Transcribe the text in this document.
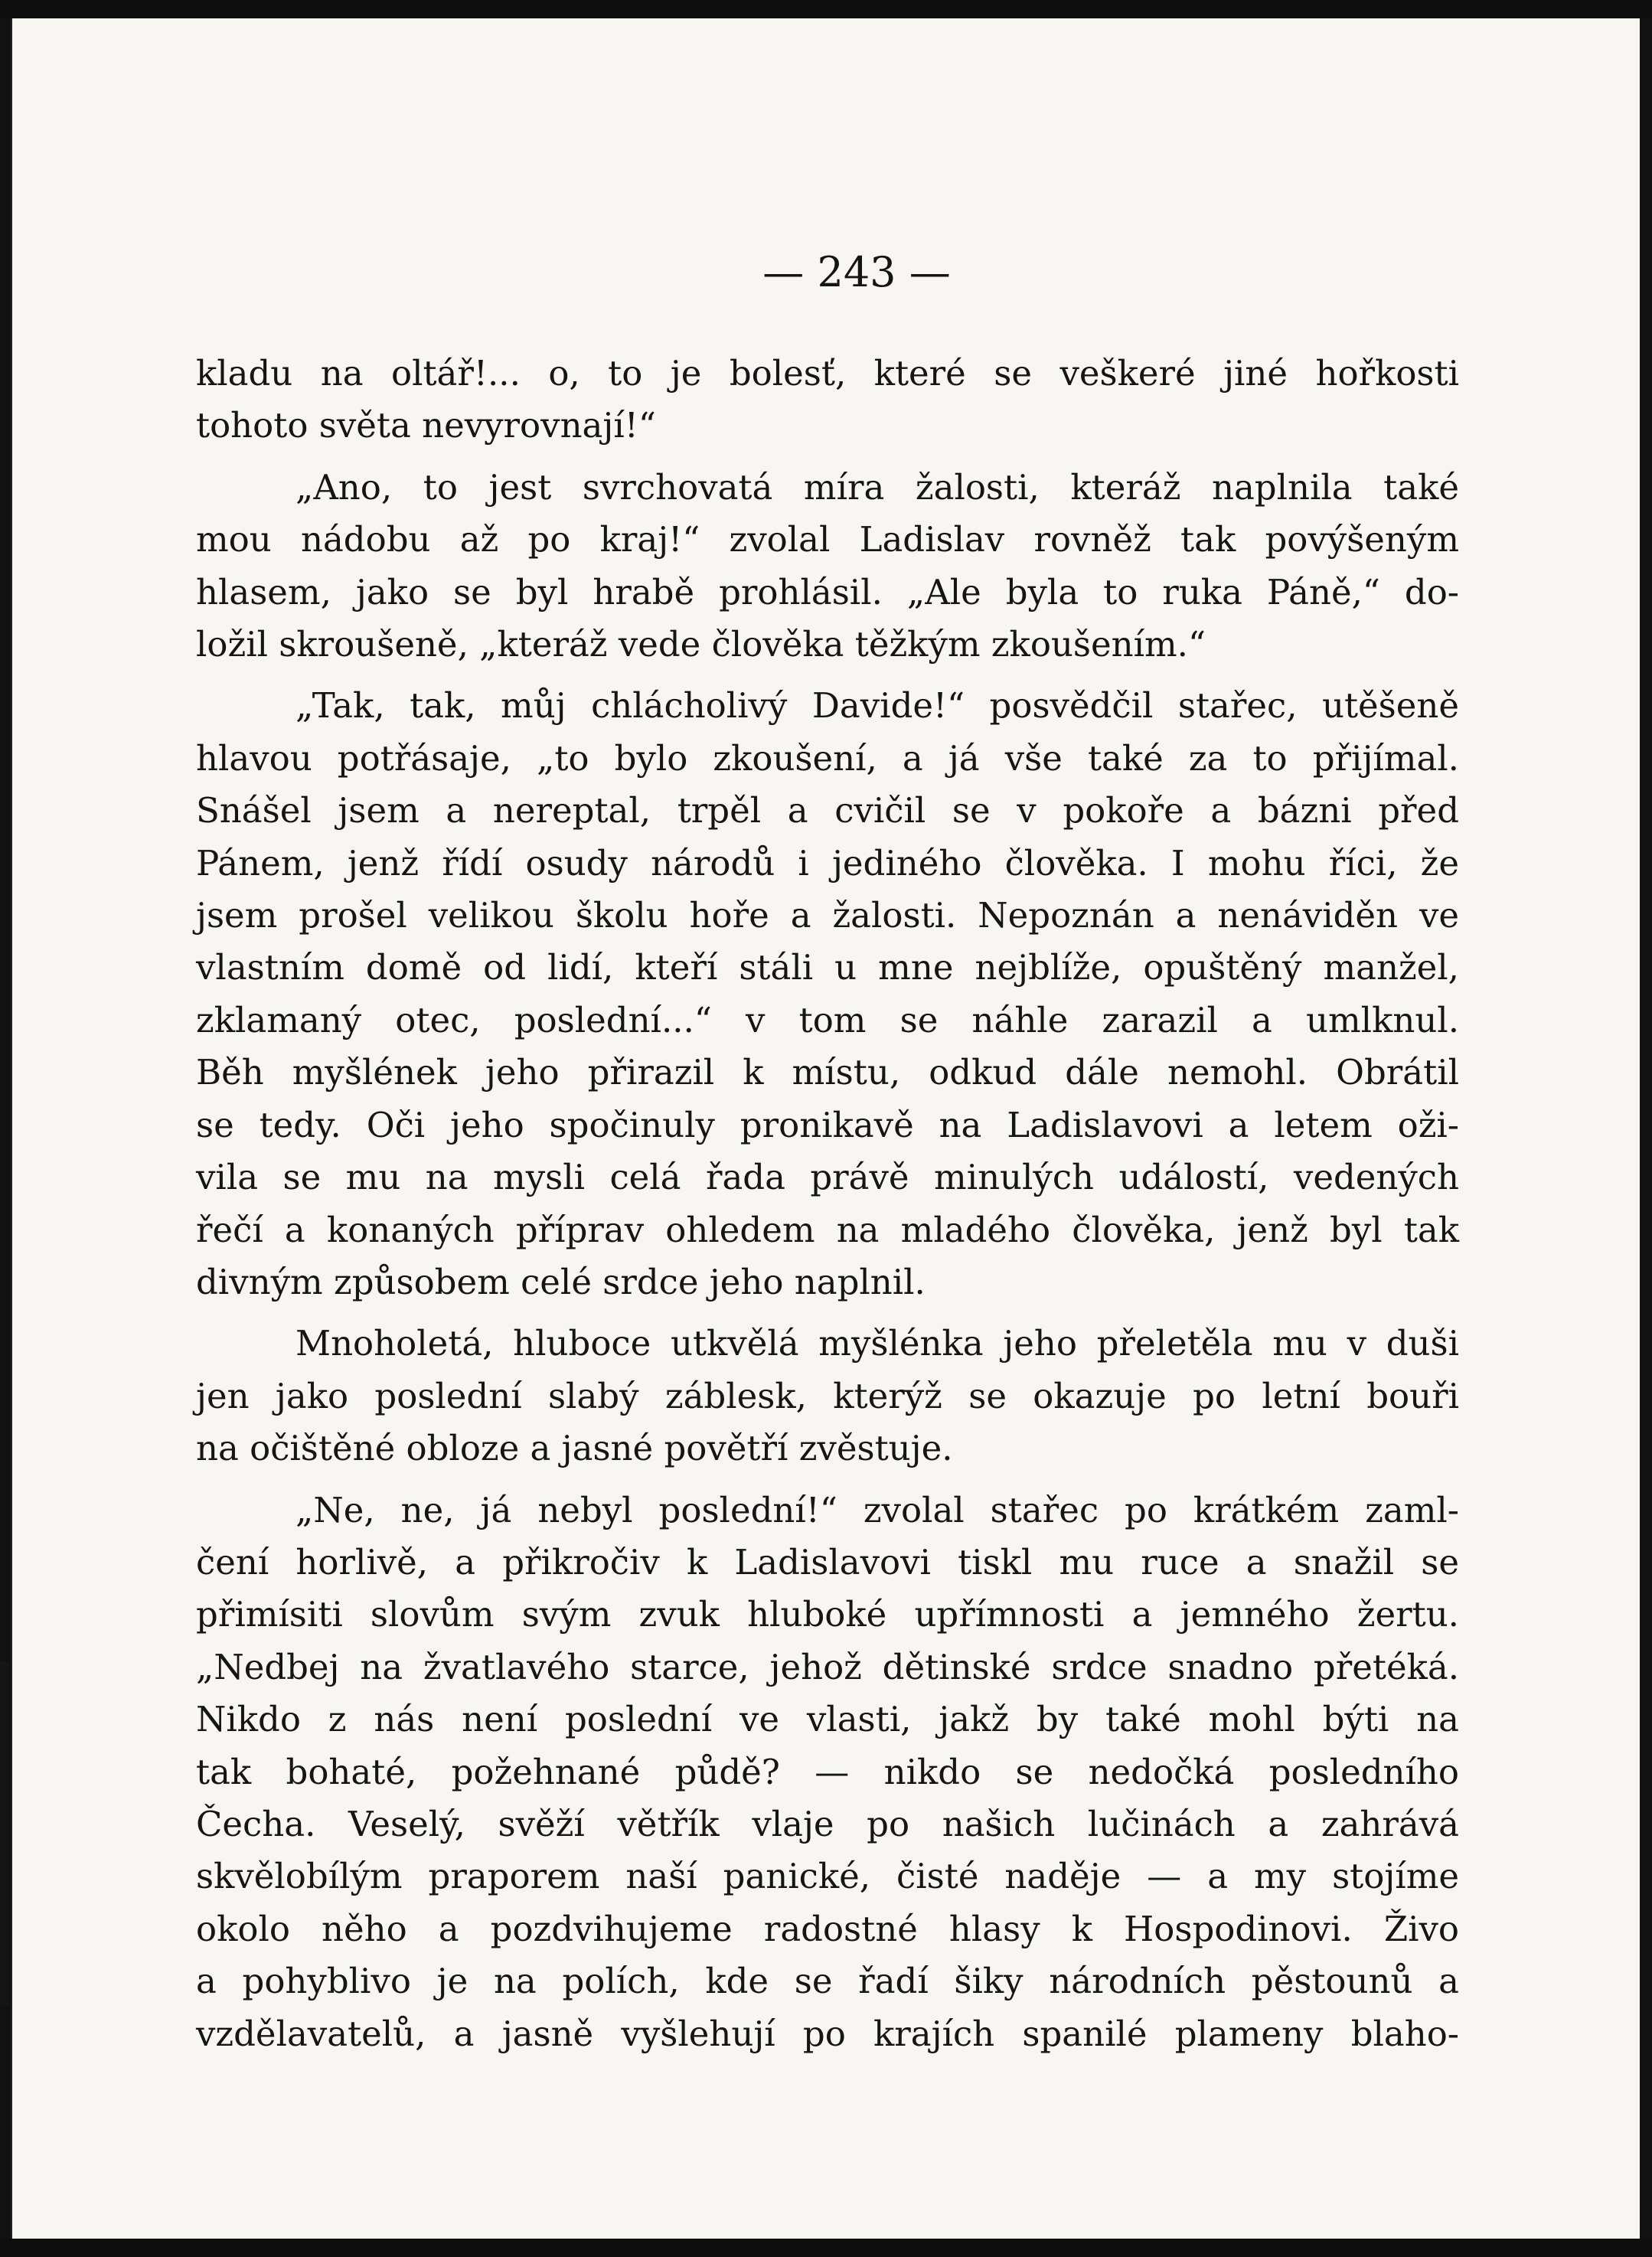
— 243 —
kladu na oltář!... o, to je bolesť, které se veškeré jiné hořkosti
tohoto světa nevyrovnají!“
„Ano, to jest svrchovatá míra žalosti, kteráž naplnila také
mou nádobu až po kraj!“ zvolal Ladislav rovněž tak povýšeným
hlasem, jako se byl hrabě prohlásil. „Ale byla to ruka Páně,“ do-
ložil skroušeně, „kteráž vede člověka těžkým zkoušením.“
„Tak, tak, můj chlácholivý Davide!“ posvědčil stařec, utěšeně
hlavou potřásaje, „to bylo zkoušení, a já vše také za to přijímal.
Snášel jsem a nereptal, trpěl a cvičil se v pokoře a bázni před
Pánem, jenž řídí osudy národů i jediného člověka. I mohu říci, že
jsem prošel velikou školu hoře a žalosti. Nepoznán a nenáviděn ve
vlastním domě od lidí, kteří stáli u mne nejblíže, opuštěný manžel,
zklamaný otec, poslední...“ v tom se náhle zarazil a umlknul.
Běh myšlének jeho přirazil k místu, odkud dále nemohl. Obrátil
se tedy. Oči jeho spočinuly pronikavě na Ladislavovi a letem oži-
vila se mu na mysli celá řada právě minulých událostí, vedených
řečí a konaných příprav ohledem na mladého člověka, jenž byl tak
divným způsobem celé srdce jeho naplnil.
Mnoholetá, hluboce utkvělá myšlénka jeho přeletěla mu v duši
jen jako poslední slabý záblesk, kterýž se okazuje po letní bouři
na očištěné obloze a jasné povětří zvěstuje.
„Ne, ne, já nebyl poslední!“ zvolal stařec po krátkém zaml-
čení horlivě, a přikročiv k Ladislavovi tiskl mu ruce a snažil se
přimísiti slovům svým zvuk hluboké upřímnosti a jemného žertu.
„Nedbej na žvatlavého starce, jehož dětinské srdce snadno přetéká.
Nikdo z nás není poslední ve vlasti, jakž by také mohl býti na
tak bohaté, požehnané půdě? — nikdo se nedočká posledního
Čecha. Veselý, svěží větřík vlaje po našich lučinách a zahrává
skvělobílým praporem naší panické, čisté naděje — a my stojíme
okolo něho a pozdvihujeme radostné hlasy k Hospodinovi. Živo
a pohyblivo je na polích, kde se řadí šiky národních pěstounů a
vzdělavatelů, a jasně vyšlehují po krajích spanilé plameny blaho-
